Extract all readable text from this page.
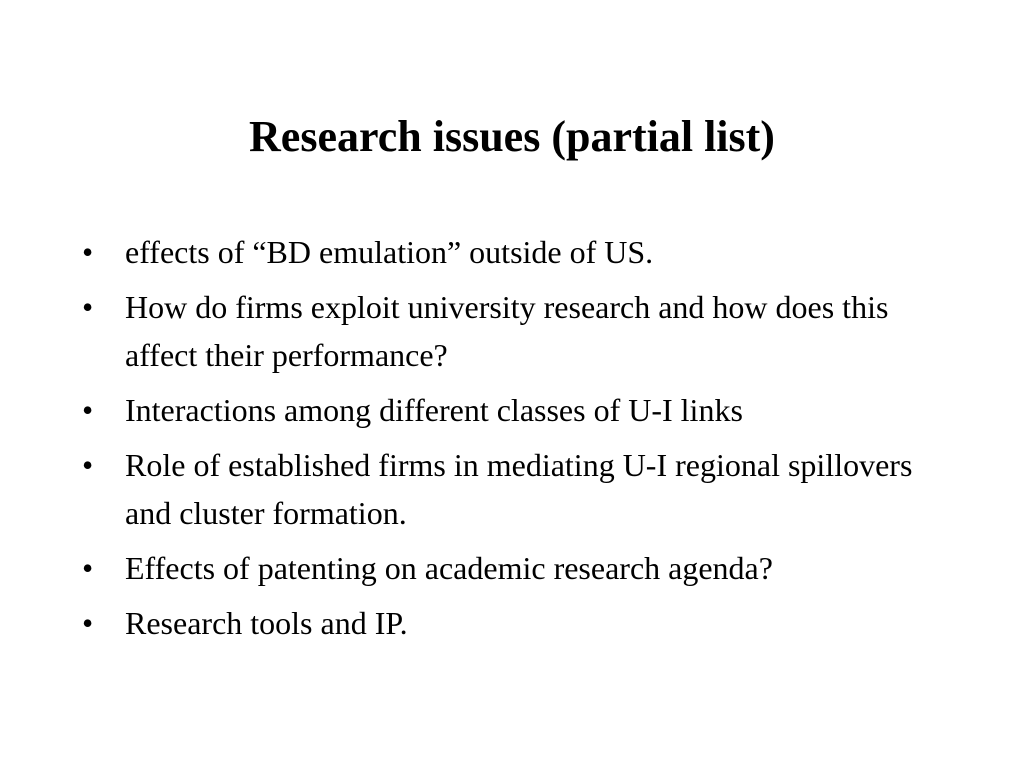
Research issues (partial list)
• effects of “BD emulation” outside of US.
• How do firms exploit university research and how does this affect their performance?
• Interactions among different classes of U-I links
• Role of established firms in mediating U-I regional spillovers and cluster formation.
• Effects of patenting on academic research agenda?
• Research tools and IP.
